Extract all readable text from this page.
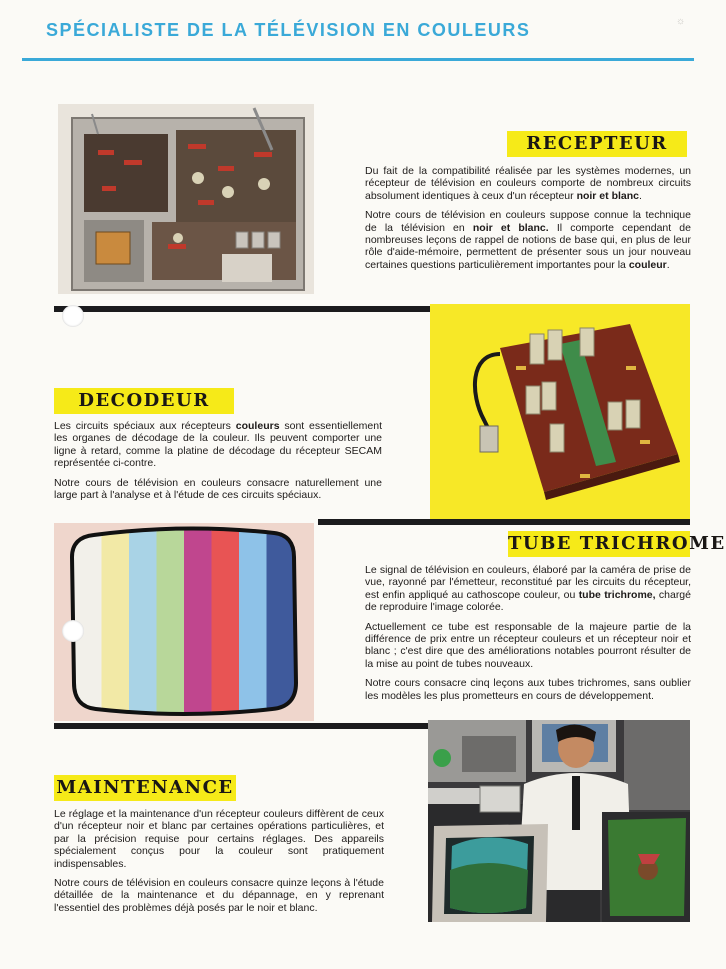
SPÉCIALISTE DE LA TÉLÉVISION EN COULEURS	☼
RECEPTEUR

Du fait de la compatibilité réalisée par les systèmes modernes, un récepteur de télévision en couleurs comporte de nombreux circuits absolument identiques à ceux d'un récepteur noir et blanc.

Notre cours de télévision en couleurs suppose connue la technique de la télévision en noir et blanc. Il comporte cependant de nombreuses leçons de rappel de notions de base qui, en plus de leur rôle d'aide-mémoire, permettent de présenter sous un jour nouveau certaines questions particulièrement importantes pour la couleur.

DECODEUR

Les circuits spéciaux aux récepteurs couleurs sont essentiellement les organes de décodage de la couleur. Ils peuvent comporter une ligne à retard, comme la platine de décodage du récepteur SECAM représentée ci-contre.

Notre cours de télévision en couleurs consacre naturellement une large part à l'analyse et à l'étude de ces circuits spéciaux.

TUBE TRICHROME

Le signal de télévision en couleurs, élaboré par la caméra de prise de vue, rayonné par l'émetteur, reconstitué par les circuits du récepteur, est enfin appliqué au cathoscope couleur, ou tube trichrome, chargé de reproduire l'image colorée.

Actuellement ce tube est responsable de la majeure partie de la différence de prix entre un récepteur couleurs et un récepteur noir et blanc ; c'est dire que des améliorations notables pourront résulter de la mise au point de tubes nouveaux.

Notre cours consacre cinq leçons aux tubes trichromes, sans oublier les modèles les plus prometteurs en cours de développement.

MAINTENANCE

Le réglage et la maintenance d'un récepteur couleurs diffèrent de ceux d'un récepteur noir et blanc par certaines opérations particulières, et par la précision requise pour certains réglages. Des appareils spécialement conçus pour la couleur sont pratiquement indispensables.

Notre cours de télévision en couleurs consacre quinze leçons à l'étude détaillée de la maintenance et du dépannage, en y reprenant l'essentiel des problèmes déjà posés par le noir et blanc.
